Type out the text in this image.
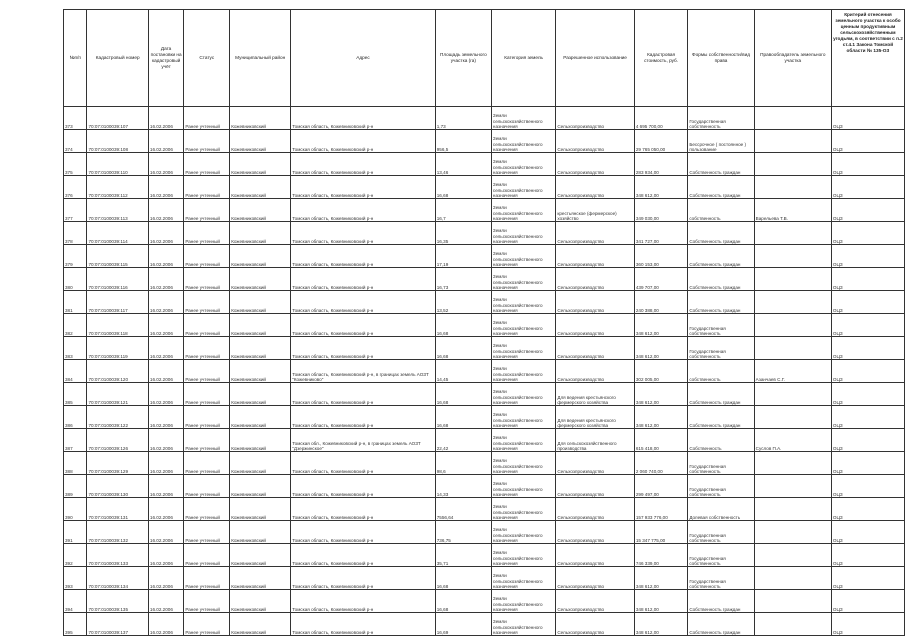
№п/п	Кадастровый номер	Дата постановки на кадастровый учёт	Статус	Муниципальный район	Адрес	Площадь земельного участка (га)	Категория земель	Разрешенное использование	Кадастровая стоимость, руб.	Формы собственности/вид права	Правообладатель земельного участка	Критерий отнесения земельного участка к особо ценным продуктивным сельскохозяйственным угодьям, в соответствии с п.2 ст.4.1 Закона Томской области № 135-ОЗ
373	70:07:0100039:107	16.02.2006	Ранее учтенный	Кожевниковский	Томская область, Кожевниковский р-н	1,73	Земли сельскохозяйственного назначения	Сельхозпроизводство	4 695 700,00	Государственная собственность		ОЦЗ
374	70:07:0100039:108	16.02.2006	Ранее учтенный	Кожевниковский	Томская область, Кожевниковский р-н	956,5	Земли сельскохозяйственного назначения	Сельхозпроизводство	29 765 050,00	Бессрочное ( постоянное ) пользование		ОЦЗ
375	70:07:0100039:110	16.02.2006	Ранее учтенный	Кожевниковский	Томская область, Кожевниковский р-н	13,46	Земли сельскохозяйственного назначения	Сельхозпроизводство	283 934,00	Собственность граждан		ОЦЗ
376	70:07:0100039:112	16.02.2006	Ранее учтенный	Кожевниковский	Томская область, Кожевниковский р-н	16,68	Земли сельскохозяйственного назначения	Сельхозпроизводство	348 612,00	Собственность граждан		ОЦЗ
377	70:07:0100039:113	16.02.2006	Ранее учтенный	Кожевниковский	Томская область, Кожевниковский р-н	16,7	Земли сельскохозяйственного назначения	крестьянское (фермерское) хозяйство	349 030,00	собственность	Варельева Т.В.	ОЦЗ
378	70:07:0100039:114	16.02.2006	Ранее учтенный	Кожевниковский	Томская область, Кожевниковский р-н	16,35	Земли сельскохозяйственного назначения	Сельхозпроизводство	341 727,00	Собственность граждан		ОЦЗ
379	70:07:0100039:115	16.02.2006	Ранее учтенный	Кожевниковский	Томская область, Кожевниковский р-н	17,19	Земли сельскохозяйственного назначения	Сельхозпроизводство	360 153,00	Собственность граждан		ОЦЗ
380	70:07:0100039:116	16.02.2006	Ранее учтенный	Кожевниковский	Томская область, Кожевниковский р-н	16,73	Земли сельскохозяйственного назначения	Сельхозпроизводство	439 707,00	Собственность граждан		ОЦЗ
381	70:07:0100039:117	16.02.2006	Ранее учтенный	Кожевниковский	Томская область, Кожевниковский р-н	13,52	Земли сельскохозяйственного назначения	Сельхозпроизводство	240 388,00	Собственность граждан		ОЦЗ
382	70:07:0100039:118	16.02.2006	Ранее учтенный	Кожевниковский	Томская область, Кожевниковский р-н	16,68	Земли сельскохозяйственного назначения	Сельхозпроизводство	348 612,00	Государственная собственность		ОЦЗ
383	70:07:0100039:119	16.02.2006	Ранее учтенный	Кожевниковский	Томская область, Кожевниковский р-н	16,68	Земли сельскохозяйственного назначения	Сельхозпроизводство	348 612,00	Государственная собственность		ОЦЗ
384	70:07:0100039:120	16.02.2006	Ранее учтенный	Кожевниковский	Томская область, Кожевниковский р-н, в границах земель АОЗТ "Кожевниково"	14,45	Земли сельскохозяйственного назначения	Сельхозпроизводство	302 005,00	собственность	Азанчаев С.Г.	ОЦЗ
385	70:07:0100039:121	16.02.2006	Ранее учтенный	Кожевниковский	Томская область, Кожевниковский р-н	16,68	Земли сельскохозяйственного назначения	Для ведения крестьянского фермерского хозяйства	348 612,00	Собственность граждан		ОЦЗ
386	70:07:0100039:122	16.02.2006	Ранее учтенный	Кожевниковский	Томская область, Кожевниковский р-н	16,68	Земли сельскохозяйственного назначения	Для ведения крестьянского фермерского хозяйства	348 612,00	Собственность граждан		ОЦЗ
387	70:07:0100039:126	16.02.2006	Ранее учтенный	Кожевниковский	Томская обл., Кожевниковский р-н, в границах земель АОЗТ "Дзержинское"	22,42	Земли сельскохозяйственного назначения	Для сельскохозяйственного производства	615 418,00	Собственность	Суслов П.А.	ОЦЗ
388	70:07:0100039:129	16.02.2006	Ранее учтенный	Кожевниковский	Томская область, Кожевниковский р-н	98,6	Земли сельскохозяйственного назначения	Сельхозпроизводство	2 060 740,00	Государственная собственность		ОЦЗ
389	70:07:0100039:130	16.02.2006	Ранее учтенный	Кожевниковский	Томская область, Кожевниковский р-н	14,33	Земли сельскохозяйственного назначения	Сельхозпроизводство	299 497,00	Государственная собственность		ОЦЗ
390	70:07:0100039:131	16.02.2006	Ранее учтенный	Кожевниковский	Томская область, Кожевниковский р-н	7556,64	Земли сельскохозяйственного назначения	Сельхозпроизводство	157 933 776,00	Долевая собственность		ОЦЗ
391	70:07:0100039:132	16.02.2006	Ранее учтенный	Кожевниковский	Томская область, Кожевниковский р-н	736,75	Земли сельскохозяйственного назначения	Сельхозпроизводство	15 347 775,00	Государственная собственность		ОЦЗ
392	70:07:0100039:133	16.02.2006	Ранее учтенный	Кожевниковский	Томская область, Кожевниковский р-н	35,71	Земли сельскохозяйственного назначения	Сельхозпроизводство	746 339,00	Государственная собственность		ОЦЗ
393	70:07:0100039:134	16.02.2006	Ранее учтенный	Кожевниковский	Томская область, Кожевниковский р-н	16,68	Земли сельскохозяйственного назначения	Сельхозпроизводство	348 612,00	Государственная собственность		ОЦЗ
394	70:07:0100039:135	16.02.2006	Ранее учтенный	Кожевниковский	Томская область, Кожевниковский р-н	16,68	Земли сельскохозяйственного назначения	Сельхозпроизводство	348 612,00	Собственность граждан		ОЦЗ
395	70:07:0100039:137	16.02.2006	Ранее учтенный	Кожевниковский	Томская область, Кожевниковский р-н	16,69	Земли сельскохозяйственного назначения	Сельхозпроизводство	348 612,00	Собственность граждан		ОЦЗ
